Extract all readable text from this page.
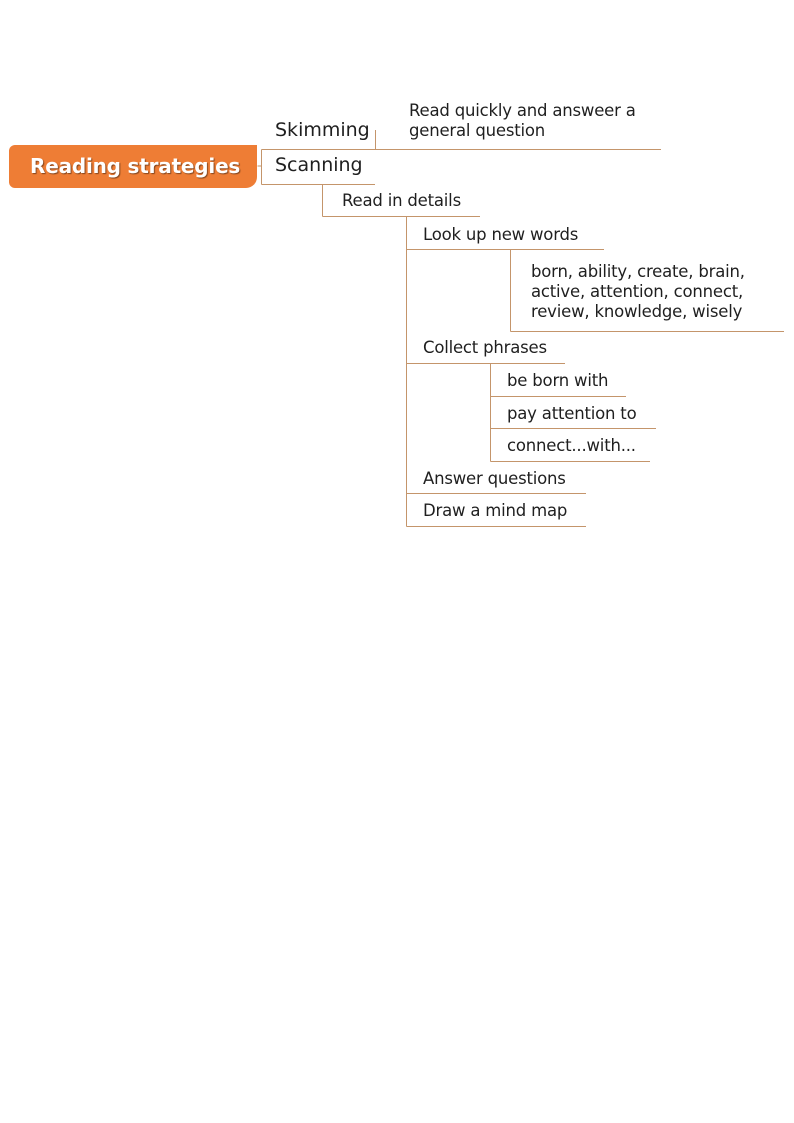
Reading strategies
Skimming
Read quickly and answeer a
general question
Scanning
Read in details
Look up new words
born, ability, create, brain,
active, attention, connect,
review, knowledge, wisely
Collect phrases
be born with
pay attention to
connect...with...
Answer questions
Draw a mind map
